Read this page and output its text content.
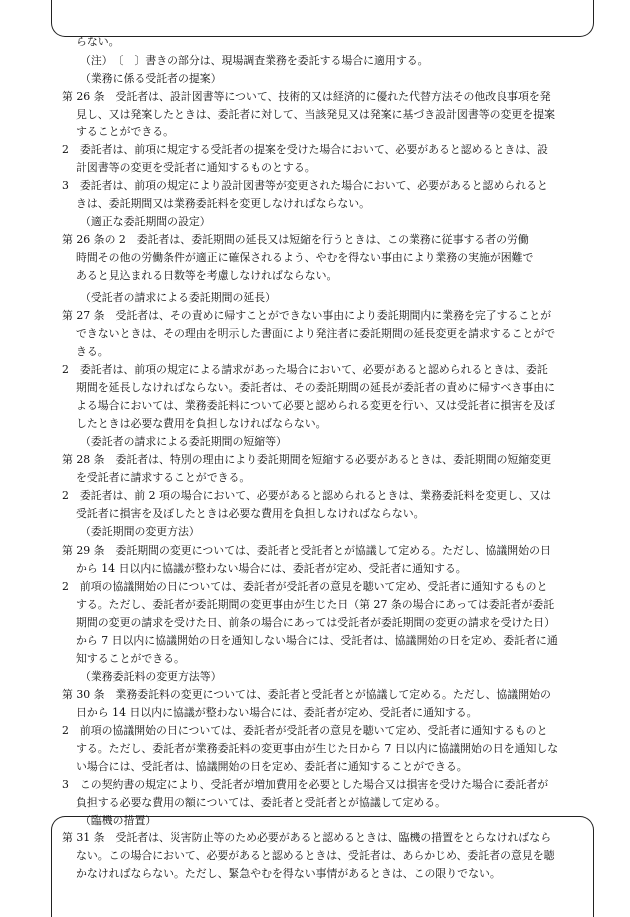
らない。
（注）　〔　〕書きの部分は、現場調査業務を委託する場合に適用する。
（業務に係る受託者の提案）
第 26 条　受託者は、設計図書等について、技術的又は経済的に優れた代替方法その他改良事項を発
見し、又は発案したときは、委託者に対して、当該発見又は発案に基づき設計図書等の変更を提案
することができる。
2　委託者は、前項に規定する受託者の提案を受けた場合において、必要があると認めるときは、設
計図書等の変更を受託者に通知するものとする。
3　委託者は、前項の規定により設計図書等が変更された場合において、必要があると認められると
きは、委託期間又は業務委託料を変更しなければならない。
（適正な委託期間の設定）
第 26 条の 2　委託者は、委託期間の延長又は短縮を行うときは、この業務に従事する者の労働
時間その他の労働条件が適正に確保されるよう、やむを得ない事由により業務の実施が困難で
あると見込まれる日数等を考慮しなければならない。
（受託者の請求による委託期間の延長）
第 27 条　受託者は、その責めに帰すことができない事由により委託期間内に業務を完了することが
できないときは、その理由を明示した書面により発注者に委託期間の延長変更を請求することがで
きる。
2　委託者は、前項の規定による請求があった場合において、必要があると認められるときは、委託
期間を延長しなければならない。委託者は、その委託期間の延長が委託者の責めに帰すべき事由に
よる場合においては、業務委託料について必要と認められる変更を行い、又は受託者に損害を及ぼ
したときは必要な費用を負担しなければならない。
（委託者の請求による委託期間の短縮等）
第 28 条　委託者は、特別の理由により委託期間を短縮する必要があるときは、委託期間の短縮変更
を受託者に請求することができる。
2　委託者は、前 2 項の場合において、必要があると認められるときは、業務委託料を変更し、又は
受託者に損害を及ぼしたときは必要な費用を負担しなければならない。
（委託期間の変更方法）
第 29 条　委託期間の変更については、委託者と受託者とが協議して定める。ただし、協議開始の日
から 14 日以内に協議が整わない場合には、委託者が定め、受託者に通知する。
2　前項の協議開始の日については、委託者が受託者の意見を聴いて定め、受託者に通知するものと
する。ただし、委託者が委託期間の変更事由が生じた日（第 27 条の場合にあっては委託者が委託
期間の変更の請求を受けた日、前条の場合にあっては受託者が委託期間の変更の請求を受けた日）
から 7 日以内に協議開始の日を通知しない場合には、受託者は、協議開始の日を定め、委託者に通
知することができる。
（業務委託料の変更方法等）
第 30 条　業務委託料の変更については、委託者と受託者とが協議して定める。ただし、協議開始の
日から 14 日以内に協議が整わない場合には、委託者が定め、受託者に通知する。
2　前項の協議開始の日については、委託者が受託者の意見を聴いて定め、受託者に通知するものと
する。ただし、委託者が業務委託料の変更事由が生じた日から 7 日以内に協議開始の日を通知しな
い場合には、受託者は、協議開始の日を定め、委託者に通知することができる。
3　この契約書の規定により、受託者が増加費用を必要とした場合又は損害を受けた場合に委託者が
負担する必要な費用の額については、委託者と受託者とが協議して定める。
（臨機の措置）
第 31 条　受託者は、災害防止等のため必要があると認めるときは、臨機の措置をとらなければなら
ない。この場合において、必要があると認めるときは、受託者は、あらかじめ、委託者の意見を聴
かなければならない。ただし、緊急やむを得ない事情があるときは、この限りでない。
